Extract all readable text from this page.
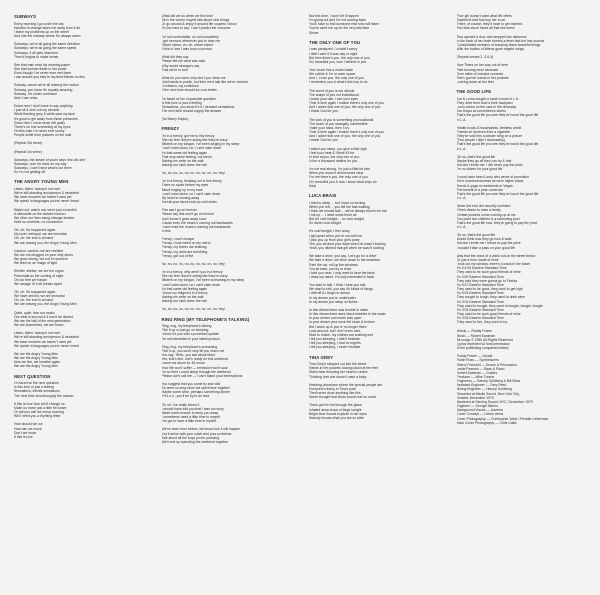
SUBWAYS
Every morning I go under the city
Handful of change takes me away from it all
I leave my problems up on the street
And ride the subway where it's always warm
Subways, we're all going the same direction
Subways, we're all going the same speed
Subways, it all gets obscured
Then it begins to make sense
See that man read his morning paper
See that woman fiddle in her purse
Even though I've never ever met them
I can assure you they're my best friends on this
Subway, cause we're all sharing the motion
Subway, you know it's equally amazing
Subway, I'm under confusion
Now I can relax
Down here I don't have to say anything
I just sit & look out my window
While flashing grey & white past my face
It's good to get away from these pressures
Down here I know never felt guilty
There's no one screaming at my eyes
On this train I'm never ever lonely
People smile from pictures on the wall
(Repeat 3rd verse)
(Repeat 1st verse)
Subways, the dream of yours says 'she-din-she'
Subways, now I'm back on my way
Subways, I can't have what's out there
So I'm not getting off
THE ANGRY YOUNG MEN
Listen, listen: history's not over
We're still standing anonymous & decadent
We have muscles we haven't used yet
We speak in languages you've never heard
Watch out, watch out, we're just a handful
A silhouette on the twisted horizon
We drive our lives along strange desires
Hold no comforts, no connection
Oh, oh: it's happened again
My lover, betrayal, we are immortal
Oh, oh: the end is at hand
We are among you, the Angry Young Men
Caution, caution, we are resilient
We are not drugged on your dirty doors
We grow strong, but not in numbers
We feed on an image of light
Shelter, shelter, we are the rogue
Primordial as the coming of night
On our feet we hassle
We savage 'til it all breaks apart
Oh, oh: it's happened again
We have arrived, we are immortal
Oh, oh: the end is at hand
We are among you, the Angry Young Men
Quiet, quiet, fear our music
Our beat is second & it won't be denied
We are the hall of the next generation
We are shameless, we are brave
Listen, listen: history's not over
We're still standing anonymous & decadent
We have muscles we haven't used yet
We speak in languages you've never heard
We are the Angry Young Men
We are the Angry Young Men
Now we live, we breathe again
We are the Angry Young Men
NEXT QUESTION
I'm faced w/ the next question
Is this love or just a feeling
Sensations, infinite sensations
The next time should supply the answer
If this is love how will it change us
Make us move just a little bit closer
Or will you call me every morning
Will I need you a rhyming letter
How should we cut
How can we move
Don't we move
If this is love
What will we do when we find love
Sit in the corner maybe talk about new things
Or go around & enjoy it around life couples I know
It's too hard to say, I can't predict the outcome
I'm not comfortable, no not completely
I get nervous whenever you're near me
Shiver shiver, oh, oh, shiver shiver
If this is love I was born a survivor
What did they say
Please tell me what was said
Why would strangers say
That we're in love
What do you want, why don't you show me
Hold hands in public, but then we'd talk like we're married
Confusion, my confusion
If the next time should turn out better
I'm faced w/ her impossible question
Is this love or just a feeling
Sensations, you know it's 6 l demand sensations
The next time should supply the answer
(for Marcy Kaylor)
FRENZY
I'm in a frenzy, got me in this frenzy
She my feet, they're acting like they're crazy
Blisters on my tongue, I've been singing in my sleep
I can't calm down, no, I can't calm down
It's that same old feeling again
That very same feeling, my friend
Making me write on the wall
Making me stick down the hall
No, no, no, no, no, no, no, no, no, no, hey!
I'm in a frenzy, freaking out in this frenzy
There no spots before my eyes
Blood ringing up in my ears
I can't calm down, no I can't calm down
My heart is running away
And all your faces look up cold clean
This can't go on forever
Please say this won't go on forever
And I know it goes away soon
'Cause even the music's coming out backwards
I can't read the music's coming out backwards
In this
Frenzy, I can't escape
Frenzy, I look weird on my mirror
Frenzy, my knees are shaking
Frenzy, my arms are trembling
Frenzy, got out of the
No, no, no, no, no, no, no, no, no, no, hey!
I'm in a frenzy, why aren't you in a frenzy
See my feet, they're acting like they're crazy
Blisters on my tongue, I've been screaming in my sleep
I can't calm down, no I can't calm down
It's that same old feeling again
I know my religion's in a frenzy
Making me write on the wall
Making me stick down the hall
No, no, no, no, no, no, no, no, no, no, hey!
RING RING (MY TELEPHONE'S TALKING)
Ring, ring, my telephone's talking
Pick it up or just go on sleeping
I know it's you with a promised update
I'm not interested in your latest product
Ring, ring, my telephone's screaming
Pick it up, you won't stop till you reach me
You say, 'Hello, you ask about Mary'
Yes, she's fine, she's ready for this weekend
Leave me alone for 48 hours
Your life won't suffer — remission won't sour
I'm so tired I could sleep through the weekend
Please don't call me — I can't stand your interruptions
You suggest that you come by and visit
It's been so long since we spent time together
Maybe some wine, perhaps something dinner
If it's o.k., you'll be by in an hour
Oh oh: I've really blown it
I should have told you that I was too busy
Made some excuse to keep you away
I sometimes need a little time to myself
I've got to have a little time to myself
We've been here before, we know how it will happen
You'll arrive with your catch and your problems
Talk about all the boys you're pursuing
We'll end up spending the weekend together
Not this time, I won't let it happen
I'm going out and I'm not coming back
You'll have to find someone else who will listen
You've used me up for the very last time
Shiver
THE ONLY ONE OF YOU
I was paralyzed, I couldn't worry
I didn't care if it was day or night
But then there's you, the only one of you
Oh, beautiful you, now I believe in you
Your touch has a muted taste
We collide & I'm in outer space
And I, I love you, the only one of you
I remember you & what's this boy to do
The scent of you is not clinical
The shape of you not institutional
I touch your hair, I see your eyes
Time & time again I realize there's only one of you
And I adore that one of you, the only one of you
I thank God for you
The look of you is something provocational
The touch of you strangely comfortable
I take your hand, then I cry
Time & time again I realize there's only one of you
And I adore that one of you, the only one of you
I thank God for you
I watch you sleep, you give a little sigh
I feel your heat & I think it'll be
In love w/you, the only one of you
I'd be a thousand deaths for you
I'm not real strong, I'm just a little bit vain
When you move it all becomes clear
For me there's you, the only one of you
Oh, beautiful you & now I know what boys do
they!
LUCA BRASI
I tried to sleep ... but I kept on turning
When you left ... you left me fast walking
I think we should talk ... we've always tried to be fair
I roll up ... I need some fresh air
But it's cold tonight ... so cold tonight
So damn cold tonight
It's cold tonight, I feel crazy
I get upset when you're not with me
I pick you up from your girl's party
Yes, you stroked your days when he wasn't looking
Yeah, you ditched that girl when he wasn't looking
We take a drive, you say, 'Let's go for a drive'
We take a drive, we drive down to the seashore
Park the car, roll up the windows
You sit back, you try to relax
I hold you near, I only want to hear the facts
I draw my name, I'm only interested in facts
You start to talk, I think I hear you talk
We start to talk, you say it's kinda of things
I drift off & I begin to dream
In my dream you're underwater
In my dream you sleep w/ fishes
In this dream there was trouble in water
In this dream there were black bubbles in the water
In your dream out mouth was open
In your dream your neck felt loose & broken
But I woke up & you're no longer there
Look around, but I don't even care
Start to shake, my clothes are soaking wet
I tell you sleeping, I didn't hesitate
I tell you sleeping, I had no regrets
I tell you sleeping, I never hesitate
TINA GREY
Tina Grey's stepped out into the street
Hands in her pockets looking down at her feet
Stairs bear throwing her head in circles
Thinking how she doesn't want a baby
Heading downtown where the special people are
Everyone's funny in Tina's park
Tired never done anything like this
Never thought that knots would hurt so much
Tina's got her fist through the glass
Inhaled deep drops of birge tonight
Bright blue moons explode in her eyes
Nobody knows what you are so alive
Poor girl doesn't want what life offers
Boyfriend cold fool buy her a car
There, of course, they'd have to get married
Two kids stood haunt all that she knew
Tina opened a door and stepped into darkness
In the back of her brain burned a fever fact but lost sounds
Consolidated screams of bumping black beautiful things
With the bodies of kittens gone angels' wings
(Repeat verses 2, 3 & 4)
New Times on her way out of here
Past burning neon windows
Over miles of cracked concrete
She's got her hands in her pockets
Looking down at her feet
THE GOOD LIFE
Joe & Lorna bought a ranch house in L.A.
They drive their food a their backyard
Lorny works on the cars in the driveway
Joe shops at convenience stores
That's the good life you see they've found the good life
In L.A.
Health foods & houseplants, limitless credit
Friends w/ services from a cigarette
They've sold him a lobster wing on a picture
(Two people I didn't necessarily)
That's the good life you see they've found the good life
In L.A.
Oh no, that's the good life
Maybe they go all they can try & ride
But don't invite me, I will never pay the price
I'm no citizen for your good life
It must have been Lorny who wrote of promotion
Jim's unconsciousness as were higher plans
Tennis & yoga on weekends in Vegas
The benefit of a year-round tan
That's the good life you see they've found the good life
In L.A.
Never the end Jim secretly confided
If their desire to raise a family
Certain pictures come rushing up at me
Two point two children & a swimming pool
That's the good life now, they're going to pay the price
In L.A.
Oh no, that's the good life
Would think now they go now & walk
But don't invite me I refuse to pay the price
I wouldn't take a pass on your good life
Was that the crack of a pistol out on the street below
Or just a horn made of mine
I look out my window, there's a crack in the tower
It's 3:4:00 Eastern Standard Time
They used to be such good friends of mine
It's 3:00 Eastern Standard Time
They said they were gonna go to Florida
It's 3:07 Eastern Standard Time
They used to be good, they used to get high
It's 3:03 Eastern Standard Time
They sought to tough, they used to drink wine
It's 3:04 Eastern Standard Time
They used to boogie, they used to boogie, boogie, boogie
It's 3:05 Eastern Standard Time
They used to be such good friends of mine
It's 3:06 Eastern Standard Time
They used to live, they used to try
Words — Roddy Frame
Music — Robert Eastman
All songs © 1980 All Rights Reserved
(Lyrics reprinted w/ fond permission
of the publishing companies listed)
Roddy Frame — Vocals
Robin Ross — Synthesizers
Sherry Frenchel — Drums & Percussion
Leslie Pearson — Bass & Piano
Robert Eastman — Guitars
Producer — Mike Thorne
Engineers — Harvey Goldberg & Bill Stoia
Assistant Engineer — Gary Reed
Mixing Engineer — Harvey Goldberg
Recorded at Media Sound, New York City,
October-December 1979
Mastered at Sterling Sound, NYC, December 1979
Engineer — George Marino
Background Vocals — Adverbs
Cover Concept — Urban Verbs
Cover Photography — Christopher West / Freddie Lieberman
Back Cover Photography — Chris Callis
